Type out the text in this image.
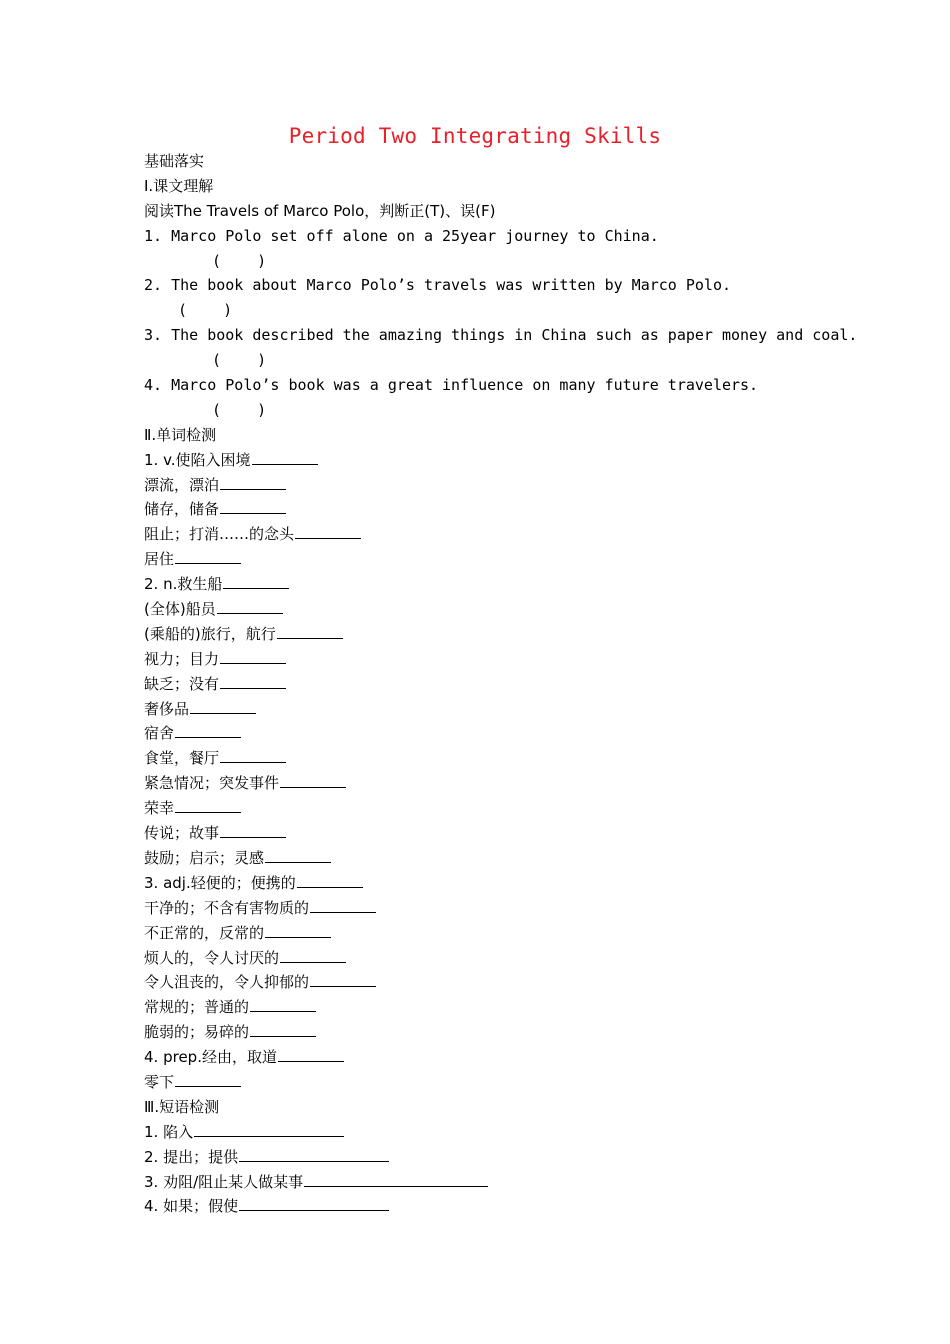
Period Two Integrating Skills
基础落实
Ⅰ.课文理解
阅读The Travels of Marco Polo，判断正(T)、误(F)
1. Marco Polo set off alone on a 25year journey to China.
(    )
2. The book about Marco Polo’s travels was written by Marco Polo.
(    )
3. The book described the amazing things in China such as paper money and coal.
(    )
4. Marco Polo’s book was a great influence on many future travelers.
(    )
Ⅱ.单词检测
1. v.使陷入困境
漂流，漂泊
储存，储备
阻止；打消……的念头
居住
2. n.救生船
(全体)船员
(乘船的)旅行，航行
视力；目力
缺乏；没有
奢侈品
宿舍
食堂，餐厅
紧急情况；突发事件
荣幸
传说；故事
鼓励；启示；灵感
3. adj.轻便的；便携的
干净的；不含有害物质的
不正常的，反常的
烦人的，令人讨厌的
令人沮丧的，令人抑郁的
常规的；普通的
脆弱的；易碎的
4. prep.经由，取道
零下
Ⅲ.短语检测
1. 陷入
2. 提出；提供
3. 劝阻/阻止某人做某事
4. 如果；假使
